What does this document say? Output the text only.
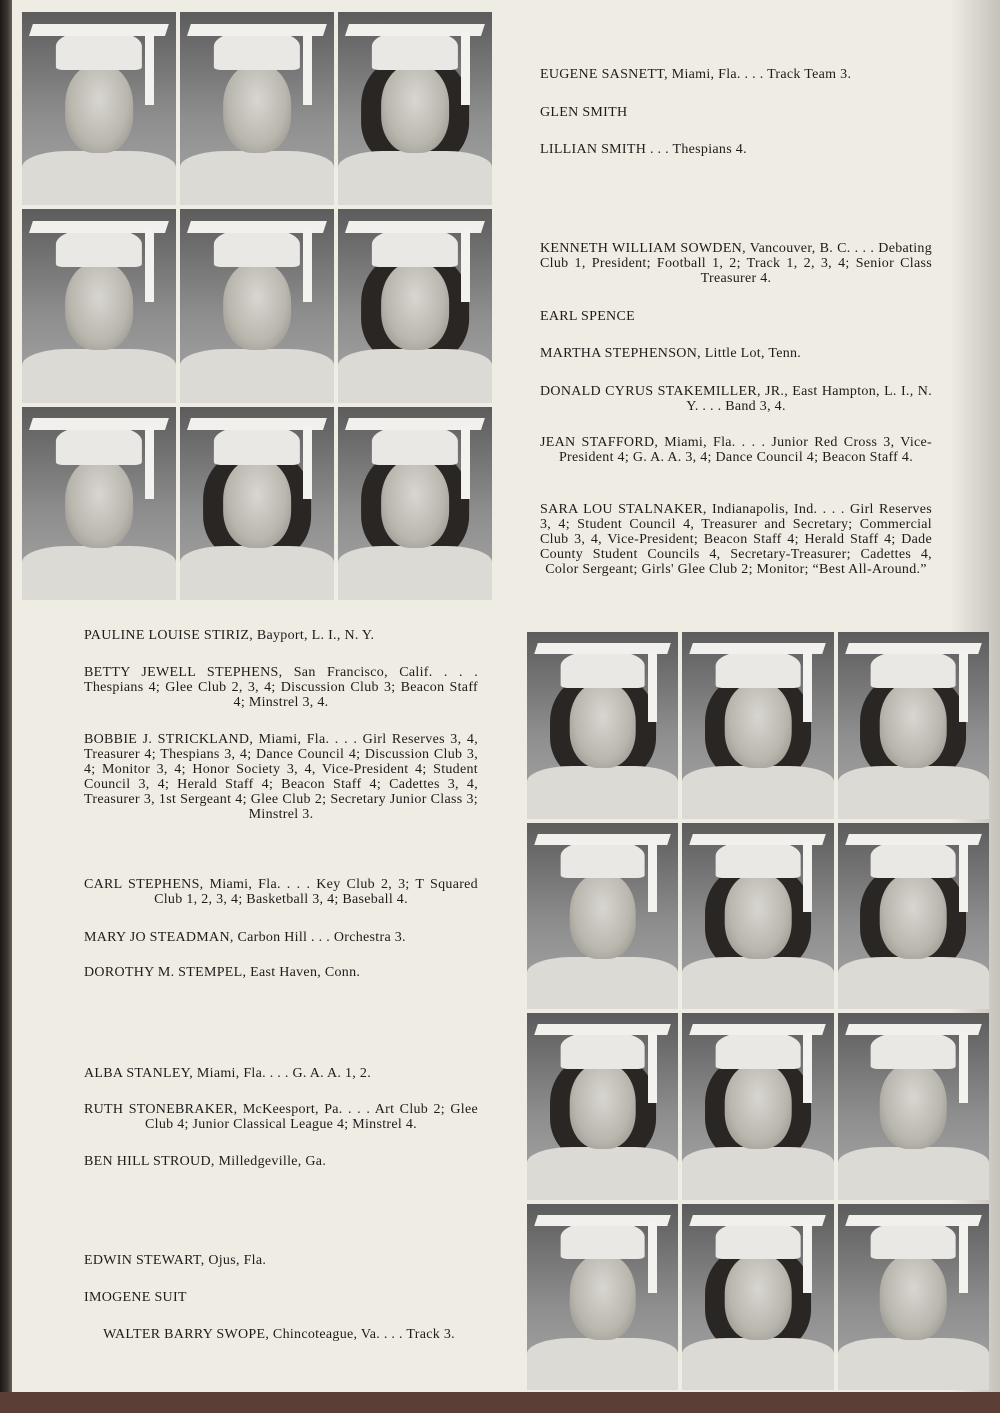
EUGENE SASNETT, Miami, Fla. . . . Track Team 3.

GLEN SMITH

LILLIAN SMITH . . . Thespians 4.

KENNETH WILLIAM SOWDEN, Vancouver, B. C. . . . Debating Club 1, President; Football 1, 2; Track 1, 2, 3, 4; Senior Class Treasurer 4.

EARL SPENCE

MARTHA STEPHENSON, Little Lot, Tenn.

DONALD CYRUS STAKEMILLER, JR., East Hampton, L. I., N. Y. . . . Band 3, 4.

JEAN STAFFORD, Miami, Fla. . . . Junior Red Cross 3, Vice-President 4; G. A. A. 3, 4; Dance Council 4; Beacon Staff 4.

SARA LOU STALNAKER, Indianapolis, Ind. . . . Girl Reserves 3, 4; Student Council 4, Treasurer and Secretary; Commercial Club 3, 4, Vice-President; Beacon Staff 4; Herald Staff 4; Dade County Student Councils 4, Secretary-Treasurer; Cadettes 4, Color Sergeant; Girls' Glee Club 2; Monitor; “Best All-Around.”

PAULINE LOUISE STIRIZ, Bayport, L. I., N. Y.

BETTY JEWELL STEPHENS, San Francisco, Calif. . . . Thespians 4; Glee Club 2, 3, 4; Discussion Club 3; Beacon Staff 4; Minstrel 3, 4.

BOBBIE J. STRICKLAND, Miami, Fla. . . . Girl Reserves 3, 4, Treasurer 4; Thespians 3, 4; Dance Council 4; Discussion Club 3, 4; Monitor 3, 4; Honor Society 3, 4, Vice-President 4; Student Council 3, 4; Herald Staff 4; Beacon Staff 4; Cadettes 3, 4, Treasurer 3, 1st Sergeant 4; Glee Club 2; Secretary Junior Class 3; Minstrel 3.

CARL STEPHENS, Miami, Fla. . . . Key Club 2, 3; T Squared Club 1, 2, 3, 4; Basketball 3, 4; Baseball 4.

MARY JO STEADMAN, Carbon Hill . . . Orchestra 3.

DOROTHY M. STEMPEL, East Haven, Conn.

ALBA STANLEY, Miami, Fla. . . . G. A. A. 1, 2.

RUTH STONEBRAKER, McKeesport, Pa. . . . Art Club 2; Glee Club 4; Junior Classical League 4; Minstrel 4.

BEN HILL STROUD, Milledgeville, Ga.

EDWIN STEWART, Ojus, Fla.

IMOGENE SUIT

WALTER BARRY SWOPE, Chincoteague, Va. . . . Track 3.
